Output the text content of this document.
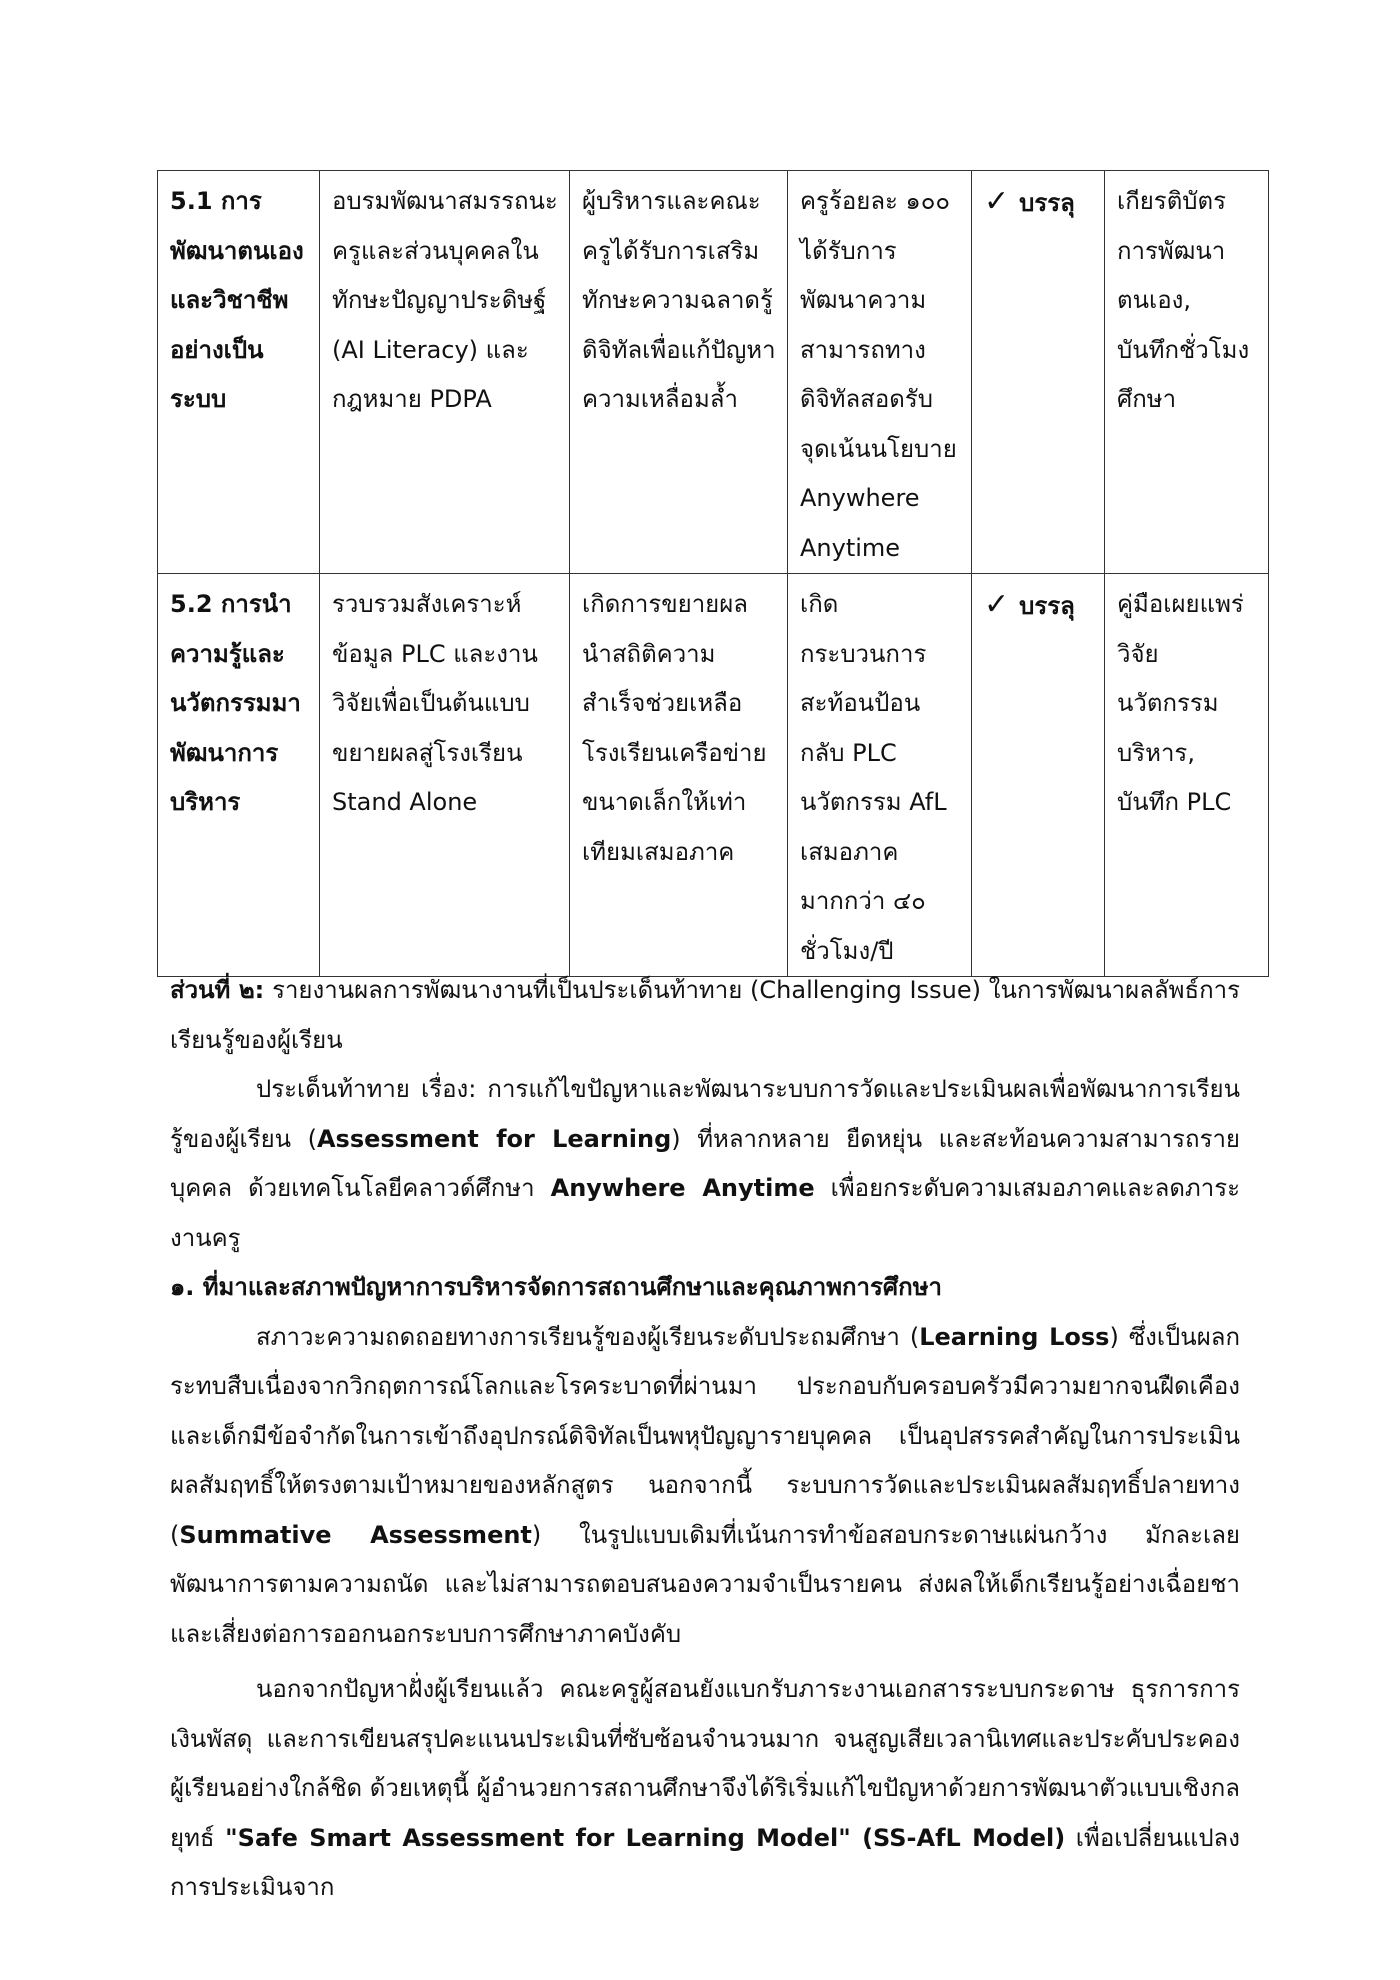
5.1 การพัฒนาตนเองและวิชาชีพอย่างเป็นระบบ	อบรมพัฒนาสมรรถนะครูและส่วนบุคคลในทักษะปัญญาประดิษฐ์ (AI Literacy) และกฎหมาย PDPA	ผู้บริหารและคณะครูได้รับการเสริมทักษะความฉลาดรู้ดิจิทัลเพื่อแก้ปัญหาความเหลื่อมล้ำ	ครูร้อยละ ๑๐๐ ได้รับการพัฒนาความสามารถทางดิจิทัลสอดรับจุดเน้นนโยบาย Anywhere Anytime	✓ บรรลุ	เกียรติบัตรการพัฒนาตนเอง, บันทึกชั่วโมงศึกษา
5.2 การนำความรู้และนวัตกรรมมาพัฒนาการบริหาร	รวบรวมสังเคราะห์ข้อมูล PLC และงานวิจัยเพื่อเป็นต้นแบบขยายผลสู่โรงเรียน Stand Alone	เกิดการขยายผลนำสถิติความสำเร็จช่วยเหลือโรงเรียนเครือข่ายขนาดเล็กให้เท่าเทียมเสมอภาค	เกิดกระบวนการสะท้อนป้อนกลับ PLC นวัตกรรม AfL เสมอภาค มากกว่า ๔๐ ชั่วโมง/ปี	✓ บรรลุ	คู่มือเผยแพร่วิจัยนวัตกรรมบริหาร, บันทึก PLC

ส่วนที่ ๒: รายงานผลการพัฒนางานที่เป็นประเด็นท้าทาย (Challenging Issue) ในการพัฒนาผลลัพธ์การเรียนรู้ของผู้เรียน

ประเด็นท้าทาย เรื่อง: การแก้ไขปัญหาและพัฒนาระบบการวัดและประเมินผลเพื่อพัฒนาการเรียนรู้ของผู้เรียน (Assessment for Learning) ที่หลากหลาย ยืดหยุ่น และสะท้อนความสามารถรายบุคคล ด้วยเทคโนโลยีคลาวด์ศึกษา Anywhere Anytime เพื่อยกระดับความเสมอภาคและลดภาระงานครู

๑. ที่มาและสภาพปัญหาการบริหารจัดการสถานศึกษาและคุณภาพการศึกษา

สภาวะความถดถอยทางการเรียนรู้ของผู้เรียนระดับประถมศึกษา (Learning Loss) ซึ่งเป็นผลกระทบสืบเนื่องจากวิกฤตการณ์โลกและโรคระบาดที่ผ่านมา ประกอบกับครอบครัวมีความยากจนฝืดเคืองและเด็กมีข้อจำกัดในการเข้าถึงอุปกรณ์ดิจิทัลเป็นพหุปัญญารายบุคคล เป็นอุปสรรคสำคัญในการประเมินผลสัมฤทธิ์ให้ตรงตามเป้าหมายของหลักสูตร นอกจากนี้ ระบบการวัดและประเมินผลสัมฤทธิ์ปลายทาง (Summative Assessment) ในรูปแบบเดิมที่เน้นการทำข้อสอบกระดาษแผ่นกว้าง มักละเลยพัฒนาการตามความถนัด และไม่สามารถตอบสนองความจำเป็นรายคน ส่งผลให้เด็กเรียนรู้อย่างเฉื่อยชาและเสี่ยงต่อการออกนอกระบบการศึกษาภาคบังคับ

นอกจากปัญหาฝั่งผู้เรียนแล้ว คณะครูผู้สอนยังแบกรับภาระงานเอกสารระบบกระดาษ ธุรการการเงินพัสดุ และการเขียนสรุปคะแนนประเมินที่ซับซ้อนจำนวนมาก จนสูญเสียเวลานิเทศและประคับประคองผู้เรียนอย่างใกล้ชิด ด้วยเหตุนี้ ผู้อำนวยการสถานศึกษาจึงได้ริเริ่มแก้ไขปัญหาด้วยการพัฒนาตัวแบบเชิงกลยุทธ์ "Safe Smart Assessment for Learning Model" (SS-AfL Model) เพื่อเปลี่ยนแปลงการประเมินจาก
